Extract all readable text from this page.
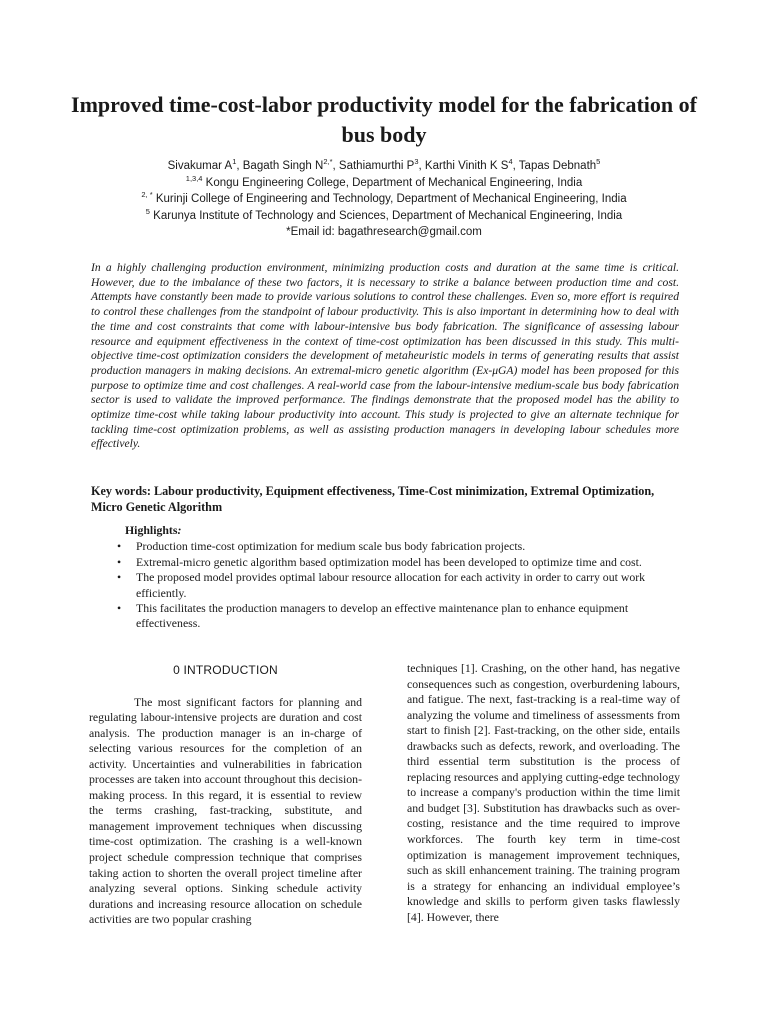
Improved time-cost-labor productivity model for the fabrication of bus body
Sivakumar $A^1$, Bagath Singh $N^{2,*}$, Sathiamurthi $P^3$, Karthi Vinith K $S^4$, Tapas Debnath$^5$
$^{1,3,4}$ Kongu Engineering College, Department of Mechanical Engineering, India
$^{2, *}$ Kurinji College of Engineering and Technology, Department of Mechanical Engineering, India
$^5$ Karunya Institute of Technology and Sciences, Department of Mechanical Engineering, India
*Email id: bagathresearch@gmail.com

In a highly challenging production environment, minimizing production costs and duration at the same time is critical. However, due to the imbalance of these two factors, it is necessary to strike a balance between production time and cost. Attempts have constantly been made to provide various solutions to control these challenges. Even so, more effort is required to control these challenges from the standpoint of labour productivity. This is also important in determining how to deal with the time and cost constraints that come with labour-intensive bus body fabrication. The significance of assessing labour resource and equipment effectiveness in the context of time-cost optimization has been discussed in this study. This multi-objective time-cost optimization considers the development of metaheuristic models in terms of generating results that assist production managers in making decisions. An extremal-micro genetic algorithm (Ex-μGA) model has been proposed for this purpose to optimize time and cost challenges. A real-world case from the labour-intensive medium-scale bus body fabrication sector is used to validate the improved performance. The findings demonstrate that the proposed model has the ability to optimize time-cost while taking labour productivity into account. This study is projected to give an alternate technique for tackling time-cost optimization problems, as well as assisting production managers in developing labour schedules more effectively.

Key words: Labour productivity, Equipment effectiveness, Time-Cost minimization, Extremal Optimization, Micro Genetic Algorithm

Highlights:
• Production time-cost optimization for medium scale bus body fabrication projects.
• Extremal-micro genetic algorithm based optimization model has been developed to optimize time and cost.
• The proposed model provides optimal labour resource allocation for each activity in order to carry out work efficiently.
• This facilitates the production managers to develop an effective maintenance plan to enhance equipment effectiveness.
0 INTRODUCTION

The most significant factors for planning and regulating labour-intensive projects are duration and cost analysis. The production manager is an in-charge of selecting various resources for the completion of an activity. Uncertainties and vulnerabilities in fabrication processes are taken into account throughout this decision-making process. In this regard, it is essential to review the terms crashing, fast-tracking, substitute, and management improvement techniques when discussing time-cost optimization. The crashing is a well-known project schedule compression technique that comprises taking action to shorten the overall project timeline after analyzing several options. Sinking schedule activity durations and increasing resource allocation on schedule activities are two popular crashing

techniques [1]. Crashing, on the other hand, has negative consequences such as congestion, overburdening labours, and fatigue. The next, fast-tracking is a real-time way of analyzing the volume and timeliness of assessments from start to finish [2]. Fast-tracking, on the other side, entails drawbacks such as defects, rework, and overloading. The third essential term substitution is the process of replacing resources and applying cutting-edge technology to increase a company's production within the time limit and budget [3]. Substitution has drawbacks such as over-costing, resistance and the time required to improve workforces. The fourth key term in time-cost optimization is management improvement techniques, such as skill enhancement training. The training program is a strategy for enhancing an individual employee’s knowledge and skills to perform given tasks flawlessly [4]. However, there
